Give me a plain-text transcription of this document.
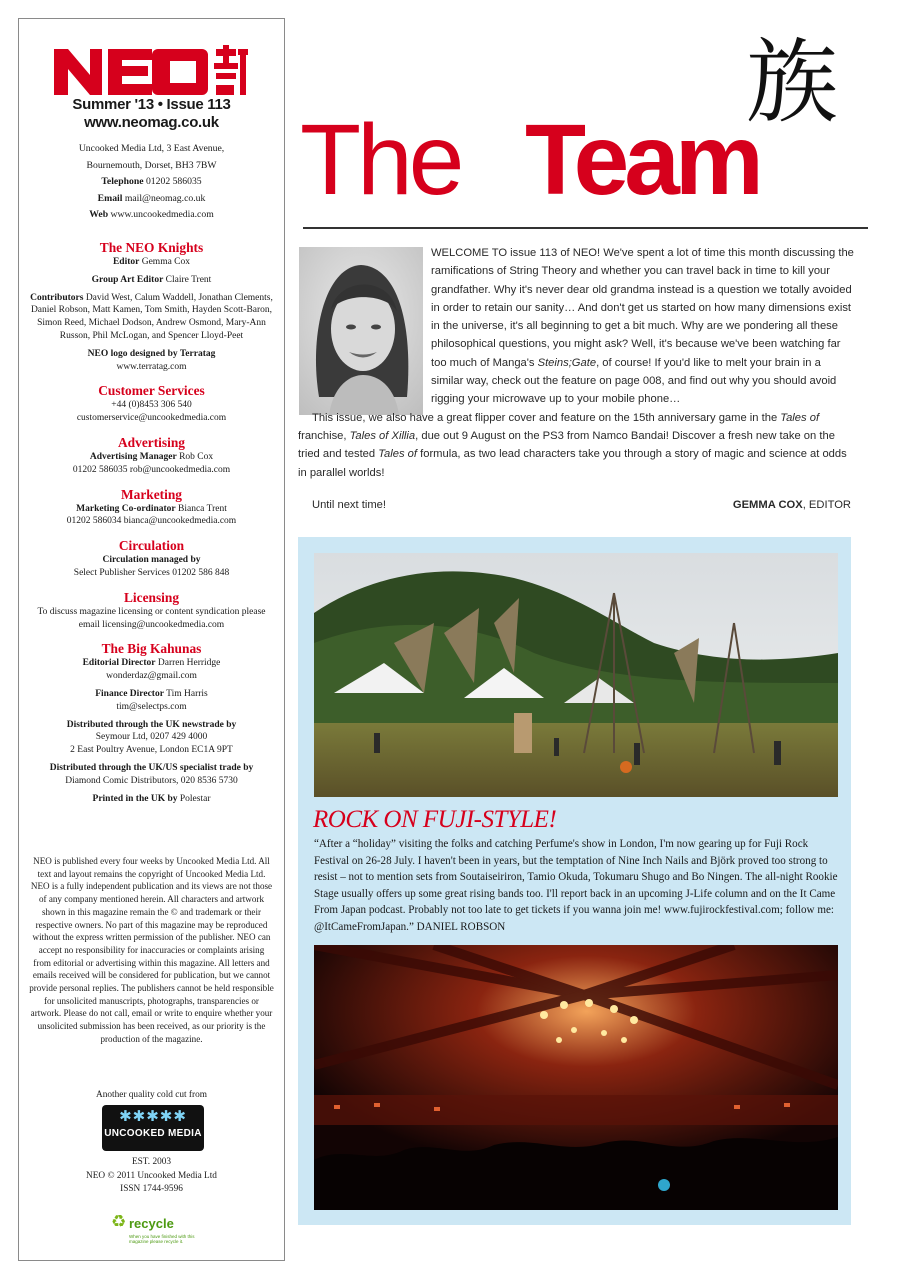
Summer '13 • Issue 113
www.neomag.co.uk
Uncooked Media Ltd, 3 East Avenue,
Bournemouth, Dorset, BH3 7BW
Telephone 01202 586035
Email mail@neomag.co.uk
Web www.uncookedmedia.com
The NEO Knights
Editor Gemma Cox
Group Art Editor Claire Trent
Contributors David West, Calum Waddell, Jonathan Clements, Daniel Robson, Matt Kamen, Tom Smith, Hayden Scott-Baron, Simon Reed, Michael Dodson, Andrew Osmond, Mary-Ann Russon, Phil McLogan, and Spencer Lloyd-Peet
NEO logo designed by Terratag
www.terratag.com
Customer Services
+44 (0)8453 306 540
customerservice@uncookedmedia.com
Advertising
Advertising Manager Rob Cox
01202 586035 rob@uncookedmedia.com
Marketing
Marketing Co-ordinator Bianca Trent
01202 586034 bianca@uncookedmedia.com
Circulation
Circulation managed by
Select Publisher Services 01202 586 848
Licensing
To discuss magazine licensing or content syndication please email licensing@uncookedmedia.com
The Big Kahunas
Editorial Director Darren Herridge
wonderdaz@gmail.com
Finance Director Tim Harris
tim@selectps.com
Distributed through the UK newstrade by
Seymour Ltd, 0207 429 4000
2 East Poultry Avenue, London EC1A 9PT
Distributed through the UK/US specialist trade by
Diamond Comic Distributors, 020 8536 5730
Printed in the UK by Polestar
NEO is published every four weeks by Uncooked Media Ltd. All text and layout remains the copyright of Uncooked Media Ltd. NEO is a fully independent publication and its views are not those of any company mentioned herein. All characters and artwork shown in this magazine remain the © and trademark or their respective owners. No part of this magazine may be reproduced without the express written permission of the publisher. NEO can accept no responsibility for inaccuracies or complaints arising from editorial or advertising within this magazine. All letters and emails received will be considered for publication, but we cannot provide personal replies. The publishers cannot be held responsible for unsolicited manuscripts, photographs, transparencies or artwork. Please do not call, email or write to enquire whether your unsolicited submission has been received, as our priority is the production of the magazine.
Another quality cold cut from
✱✱✱✱✱
UNCOOKED MEDIA
EST. 2003
NEO © 2011 Uncooked Media Ltd
ISSN 1744-9596
♻ recycle
When you have finished with this magazine please recycle it.
The Team
族

WELCOME TO issue 113 of NEO! We've spent a lot of time this month discussing the ramifications of String Theory and whether you can travel back in time to kill your grandfather. Why it's never dear old grandma instead is a question we totally avoided in order to retain our sanity… And don't get us started on how many dimensions exist in the universe, it's all beginning to get a bit much. Why are we pondering all these philosophical questions, you might ask? Well, it's because we've been watching far too much of Manga's Steins;Gate, of course! If you'd like to melt your brain in a similar way, check out the feature on page 008, and find out why you should avoid rigging your microwave up to your mobile phone…

This issue, we also have a great flipper cover and feature on the 15th anniversary game in the Tales of franchise, Tales of Xillia, due out 9 August on the PS3 from Namco Bandai! Discover a fresh new take on the tried and tested Tales of formula, as two lead characters take you through a story of magic and science at odds in parallel worlds!

Until next time!	GEMMA COX, EDITOR
ROCK ON FUJI-STYLE!
“After a “holiday” visiting the folks and catching Perfume's show in London, I'm now gearing up for Fuji Rock Festival on 26-28 July. I haven't been in years, but the temptation of Nine Inch Nails and Björk proved too strong to resist – not to mention sets from Soutaiseiriron, Tamio Okuda, Tokumaru Shugo and Bo Ningen. The all-night Rookie Stage usually offers up some great rising bands too. I'll report back in an upcoming J-Life column and on the It Came From Japan podcast. Probably not too late to get tickets if you wanna join me! www.fujirockfestival.com; follow me: @ItCameFromJapan.” DANIEL ROBSON
